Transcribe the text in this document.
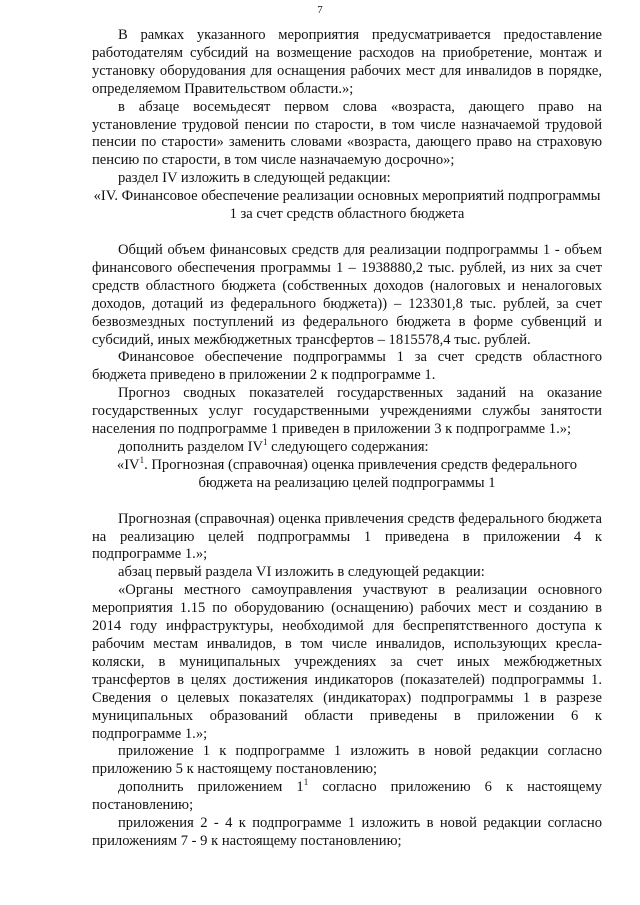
7

В рамках указанного мероприятия предусматривается предоставление работодателям субсидий на возмещение расходов на приобретение, монтаж и установку оборудования для оснащения рабочих мест для инвалидов в порядке, определяемом Правительством области.»;

в абзаце восемьдесят первом слова «возраста, дающего право на установление трудовой пенсии по старости, в том числе назначаемой трудовой пенсии по старости» заменить словами «возраста, дающего право на страховую пенсию по старости, в том числе назначаемую досрочно»;

раздел IV изложить в следующей редакции:

«IV. Финансовое обеспечение реализации основных мероприятий подпрограммы 1 за счет средств областного бюджета

Общий объем финансовых средств для реализации подпрограммы 1 - объем финансового обеспечения программы 1 – 1938880,2 тыс. рублей, из них за счет средств областного бюджета (собственных доходов (налоговых и неналоговых доходов, дотаций из федерального бюджета)) – 123301,8 тыс. рублей, за счет безвозмездных поступлений из федерального бюджета в форме субвенций и субсидий, иных межбюджетных трансфертов – 1815578,4 тыс. рублей.

Финансовое обеспечение подпрограммы 1 за счет средств областного бюджета приведено в приложении 2 к подпрограмме 1.

Прогноз сводных показателей государственных заданий на оказание государственных услуг государственными учреждениями службы занятости населения по подпрограмме 1 приведен в приложении 3 к подпрограмме 1.»;

дополнить разделом $IV^1$ следующего содержания:

«$IV^1$. Прогнозная (справочная) оценка привлечения средств федерального бюджета на реализацию целей подпрограммы 1

Прогнозная (справочная) оценка привлечения средств федерального бюджета на реализацию целей подпрограммы 1 приведена в приложении 4 к подпрограмме 1.»;

абзац первый раздела VI изложить в следующей редакции:

«Органы местного самоуправления участвуют в реализации основного мероприятия 1.15 по оборудованию (оснащению) рабочих мест и созданию в 2014 году инфраструктуры, необходимой для беспрепятственного доступа к рабочим местам инвалидов, в том числе инвалидов, использующих кресла-коляски, в муниципальных учреждениях за счет иных межбюджетных трансфертов в целях достижения индикаторов (показателей) подпрограммы 1. Сведения о целевых показателях (индикаторах) подпрограммы 1 в разрезе муниципальных образований области приведены в приложении 6 к подпрограмме 1.»;

приложение 1 к подпрограмме 1 изложить в новой редакции согласно приложению 5 к настоящему постановлению;

дополнить приложением $1^1$ согласно приложению 6 к настоящему постановлению;

приложения 2 - 4 к подпрограмме 1 изложить в новой редакции согласно приложениям 7 - 9 к настоящему постановлению;
